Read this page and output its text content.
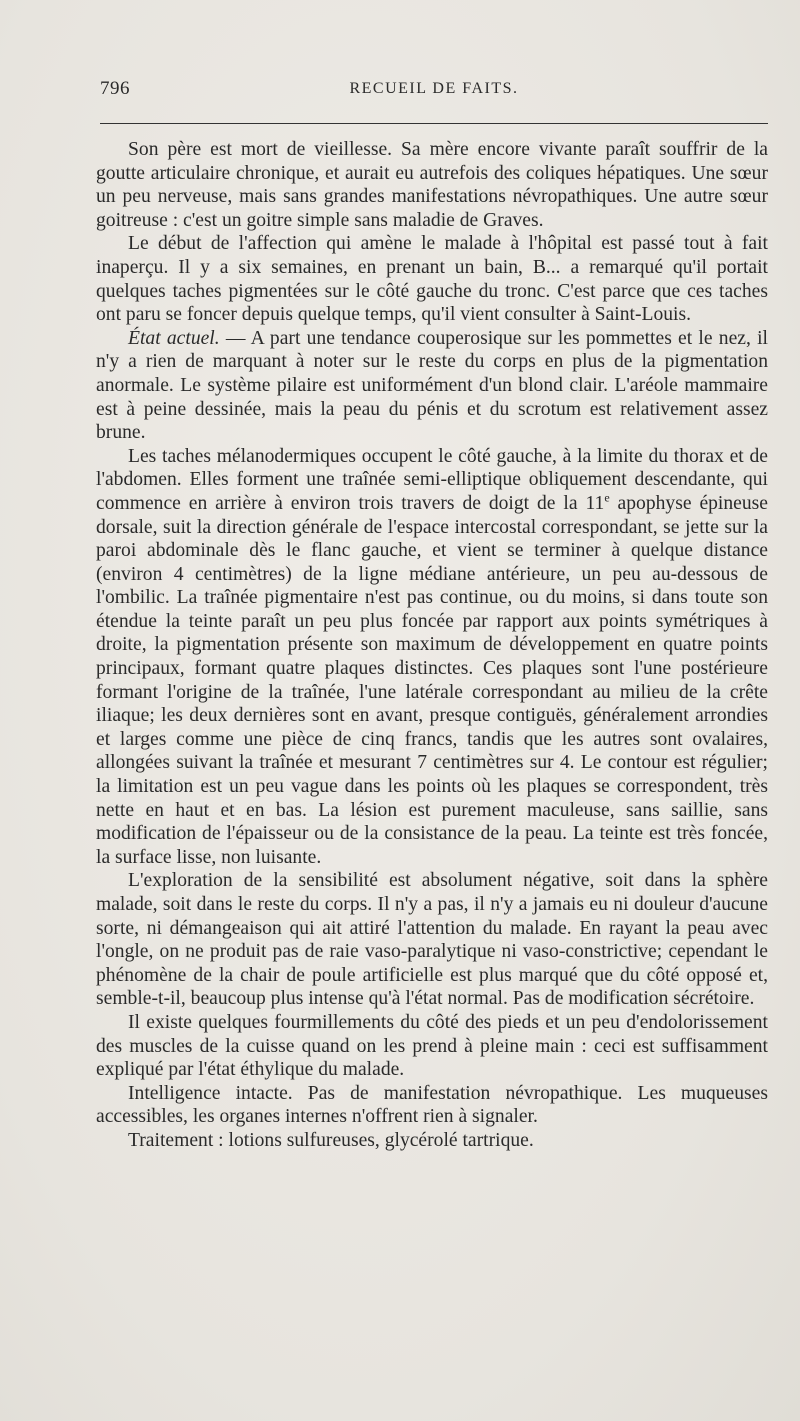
796	RECUEIL DE FAITS.

Son père est mort de vieillesse. Sa mère encore vivante paraît souffrir de la goutte articulaire chronique, et aurait eu autrefois des coliques hépatiques. Une sœur un peu nerveuse, mais sans grandes manifestations névropathiques. Une autre sœur goitreuse : c'est un goitre simple sans maladie de Graves.

Le début de l'affection qui amène le malade à l'hôpital est passé tout à fait inaperçu. Il y a six semaines, en prenant un bain, B... a remarqué qu'il portait quelques taches pigmentées sur le côté gauche du tronc. C'est parce que ces taches ont paru se foncer depuis quelque temps, qu'il vient consulter à Saint-Louis.

État actuel. — A part une tendance couperosique sur les pommettes et le nez, il n'y a rien de marquant à noter sur le reste du corps en plus de la pigmentation anormale. Le système pilaire est uniformément d'un blond clair. L'aréole mammaire est à peine dessinée, mais la peau du pénis et du scrotum est relativement assez brune.

Les taches mélanodermiques occupent le côté gauche, à la limite du thorax et de l'abdomen. Elles forment une traînée semi-elliptique obliquement descendante, qui commence en arrière à environ trois travers de doigt de la 11e apophyse épineuse dorsale, suit la direction générale de l'espace intercostal correspondant, se jette sur la paroi abdominale dès le flanc gauche, et vient se terminer à quelque distance (environ 4 centimètres) de la ligne médiane antérieure, un peu au-dessous de l'ombilic. La traînée pigmentaire n'est pas continue, ou du moins, si dans toute son étendue la teinte paraît un peu plus foncée par rapport aux points symétriques à droite, la pigmentation présente son maximum de développement en quatre points principaux, formant quatre plaques distinctes. Ces plaques sont l'une postérieure formant l'origine de la traînée, l'une latérale correspondant au milieu de la crête iliaque; les deux dernières sont en avant, presque contiguës, généralement arrondies et larges comme une pièce de cinq francs, tandis que les autres sont ovalaires, allongées suivant la traînée et mesurant 7 centimètres sur 4. Le contour est régulier; la limitation est un peu vague dans les points où les plaques se correspondent, très nette en haut et en bas. La lésion est purement maculeuse, sans saillie, sans modification de l'épaisseur ou de la consistance de la peau. La teinte est très foncée, la surface lisse, non luisante.

L'exploration de la sensibilité est absolument négative, soit dans la sphère malade, soit dans le reste du corps. Il n'y a pas, il n'y a jamais eu ni douleur d'aucune sorte, ni démangeaison qui ait attiré l'attention du malade. En rayant la peau avec l'ongle, on ne produit pas de raie vaso-paralytique ni vaso-constrictive; cependant le phénomène de la chair de poule artificielle est plus marqué que du côté opposé et, semble-t-il, beaucoup plus intense qu'à l'état normal. Pas de modification sécrétoire.

Il existe quelques fourmillements du côté des pieds et un peu d'endolorissement des muscles de la cuisse quand on les prend à pleine main : ceci est suffisamment expliqué par l'état éthylique du malade.

Intelligence intacte. Pas de manifestation névropathique. Les muqueuses accessibles, les organes internes n'offrent rien à signaler.

Traitement : lotions sulfureuses, glycérolé tartrique.
